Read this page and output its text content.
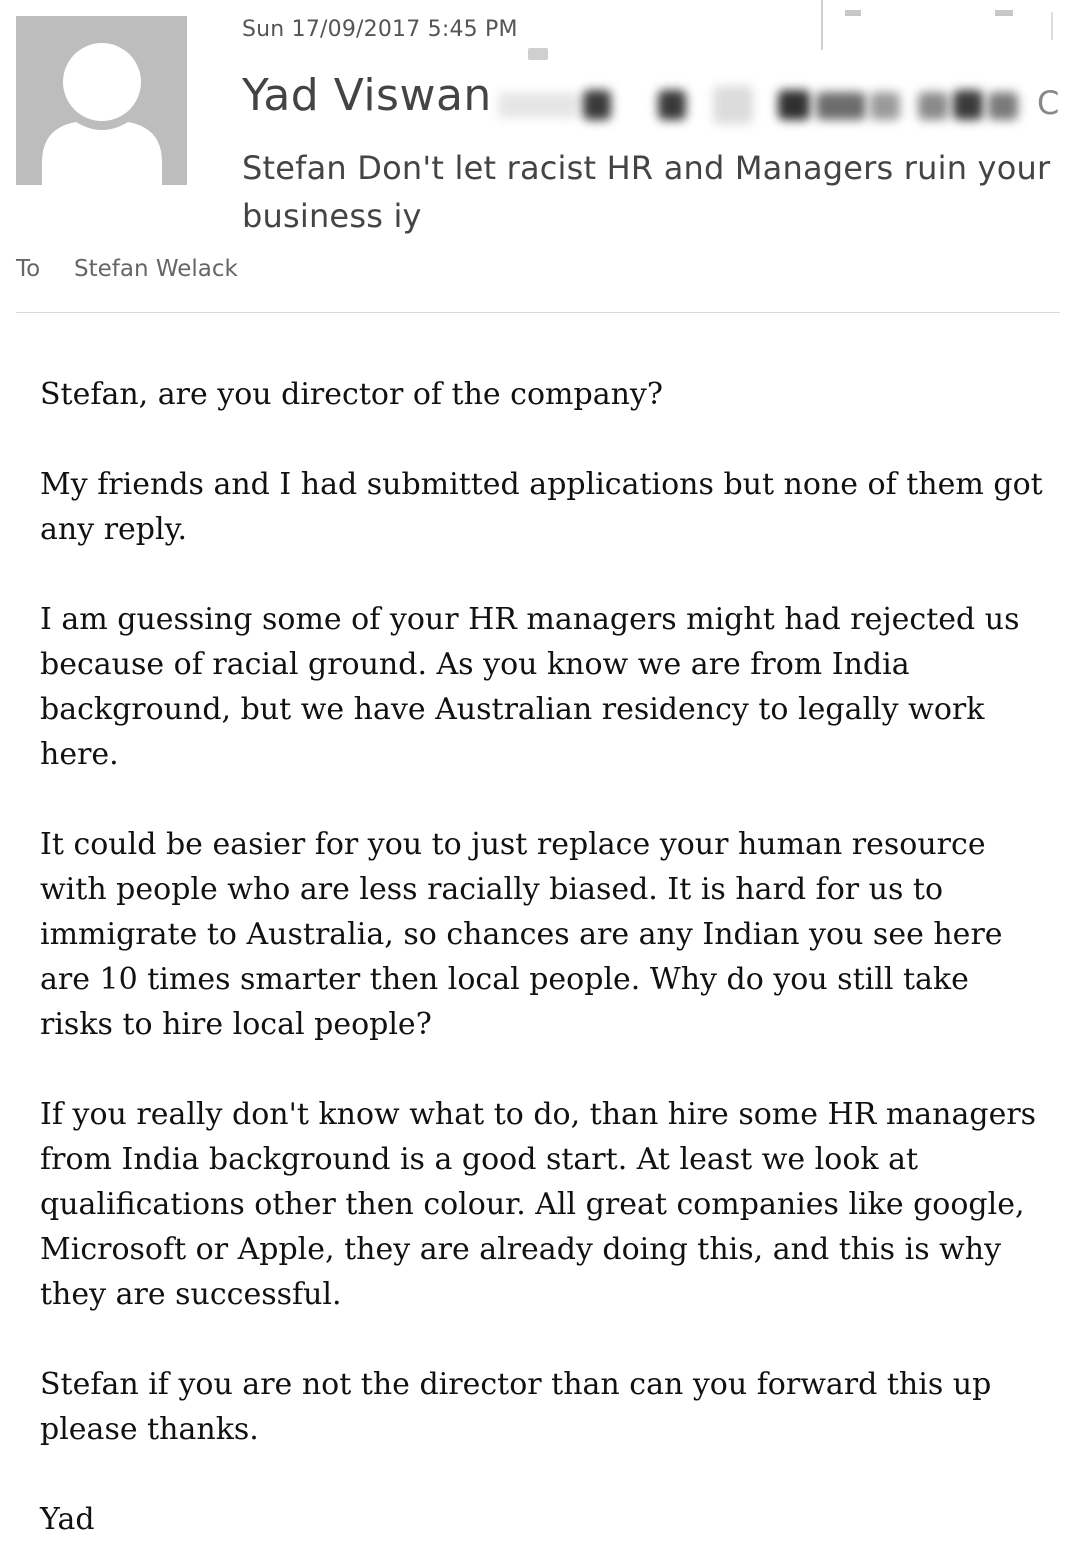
Sun 17/09/2017 5:45 PM
Yad Viswan	C
Stefan Don't let racist HR and Managers ruin your business iy
To Stefan Welack

Stefan, are you director of the company?

My friends and I had submitted applications but none of them got any reply.

I am guessing some of your HR managers might had rejected us because of racial ground. As you know we are from India background, but we have Australian residency to legally work here.

It could be easier for you to just replace your human resource with people who are less racially biased. It is hard for us to immigrate to Australia, so chances are any Indian you see here are 10 times smarter then local people. Why do you still take risks to hire local people?

If you really don't know what to do, than hire some HR managers from India background is a good start. At least we look at qualifications other then colour. All great companies like google, Microsoft or Apple, they are already doing this, and this is why they are successful.

Stefan if you are not the director than can you forward this up please thanks.

Yad
